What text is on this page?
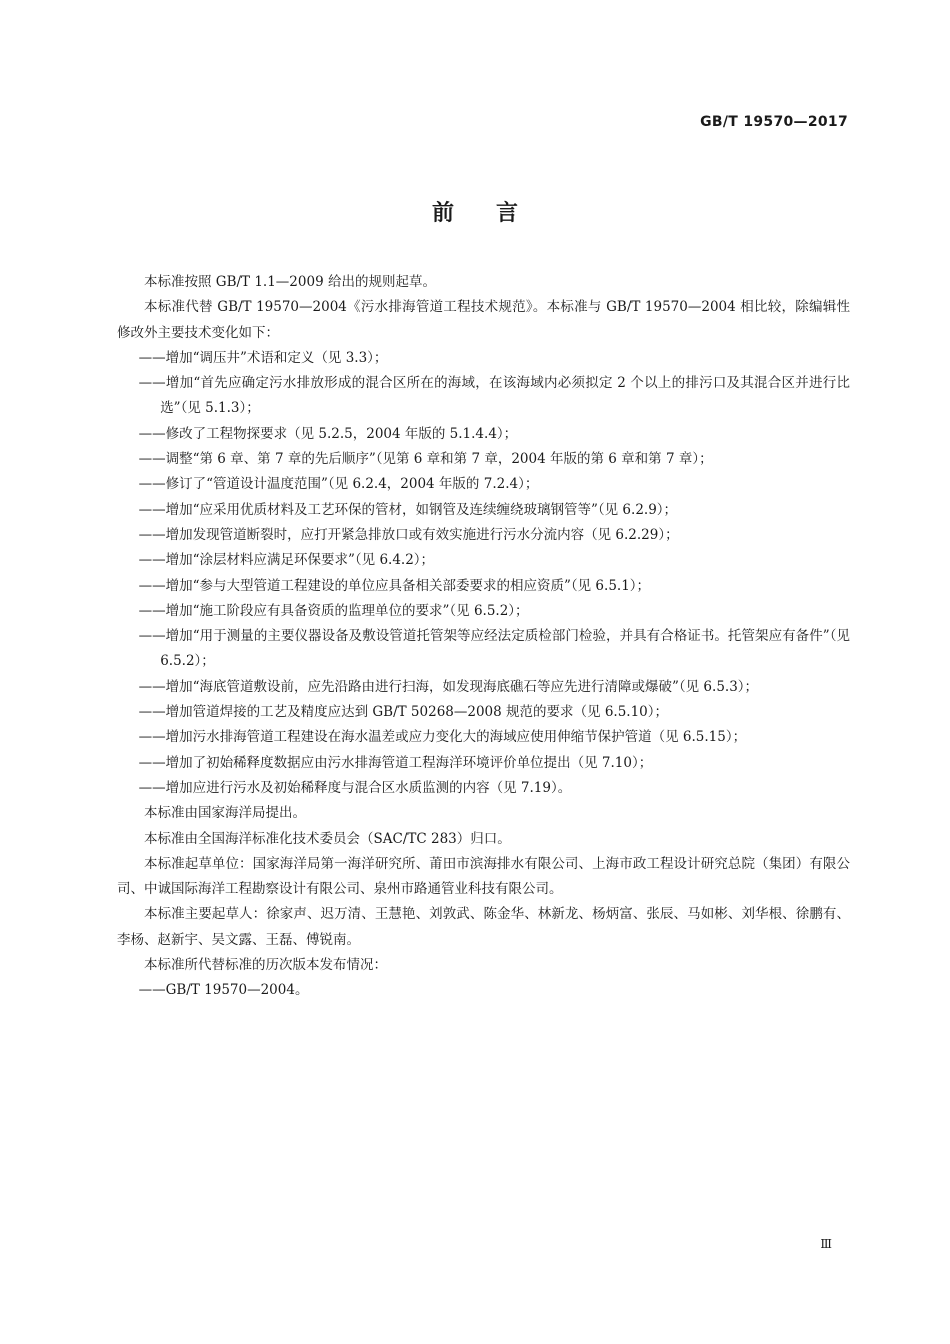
GB/T 19570—2017
前言

本标准按照 GB/T 1.1—2009 给出的规则起草。

本标准代替 GB/T 19570—2004《污水排海管道工程技术规范》。本标准与 GB/T 19570—2004 相比较，除编辑性修改外主要技术变化如下：

——增加“调压井”术语和定义（见 3.3）；

——增加“首先应确定污水排放形成的混合区所在的海域，在该海域内必须拟定 2 个以上的排污口及其混合区并进行比选”（见 5.1.3）；

——修改了工程物探要求（见 5.2.5，2004 年版的 5.1.4.4）；

——调整“第 6 章、第 7 章的先后顺序”（见第 6 章和第 7 章，2004 年版的第 6 章和第 7 章）；

——修订了“管道设计温度范围”（见 6.2.4，2004 年版的 7.2.4）；

——增加“应采用优质材料及工艺环保的管材，如钢管及连续缠绕玻璃钢管等”（见 6.2.9）；

——增加发现管道断裂时，应打开紧急排放口或有效实施进行污水分流内容（见 6.2.29）；

——增加“涂层材料应满足环保要求”（见 6.4.2）；

——增加“参与大型管道工程建设的单位应具备相关部委要求的相应资质”（见 6.5.1）；

——增加“施工阶段应有具备资质的监理单位的要求”（见 6.5.2）；

——增加“用于测量的主要仪器设备及敷设管道托管架等应经法定质检部门检验，并具有合格证书。托管架应有备件”（见 6.5.2）；

——增加“海底管道敷设前，应先沿路由进行扫海，如发现海底礁石等应先进行清障或爆破”（见 6.5.3）；

——增加管道焊接的工艺及精度应达到 GB/T 50268—2008 规范的要求（见 6.5.10）；

——增加污水排海管道工程建设在海水温差或应力变化大的海域应使用伸缩节保护管道（见 6.5.15）；

——增加了初始稀释度数据应由污水排海管道工程海洋环境评价单位提出（见 7.10）；

——增加应进行污水及初始稀释度与混合区水质监测的内容（见 7.19）。

本标准由国家海洋局提出。

本标准由全国海洋标准化技术委员会（SAC/TC 283）归口。

本标准起草单位：国家海洋局第一海洋研究所、莆田市滨海排水有限公司、上海市政工程设计研究总院（集团）有限公司、中诚国际海洋工程勘察设计有限公司、泉州市路通管业科技有限公司。

本标准主要起草人：徐家声、迟万清、王慧艳、刘敦武、陈金华、林新龙、杨炳富、张辰、马如彬、刘华根、徐鹏有、李杨、赵新宇、吴文露、王磊、傅锐南。

本标准所代替标准的历次版本发布情况：

——GB/T 19570—2004。

Ⅲ
